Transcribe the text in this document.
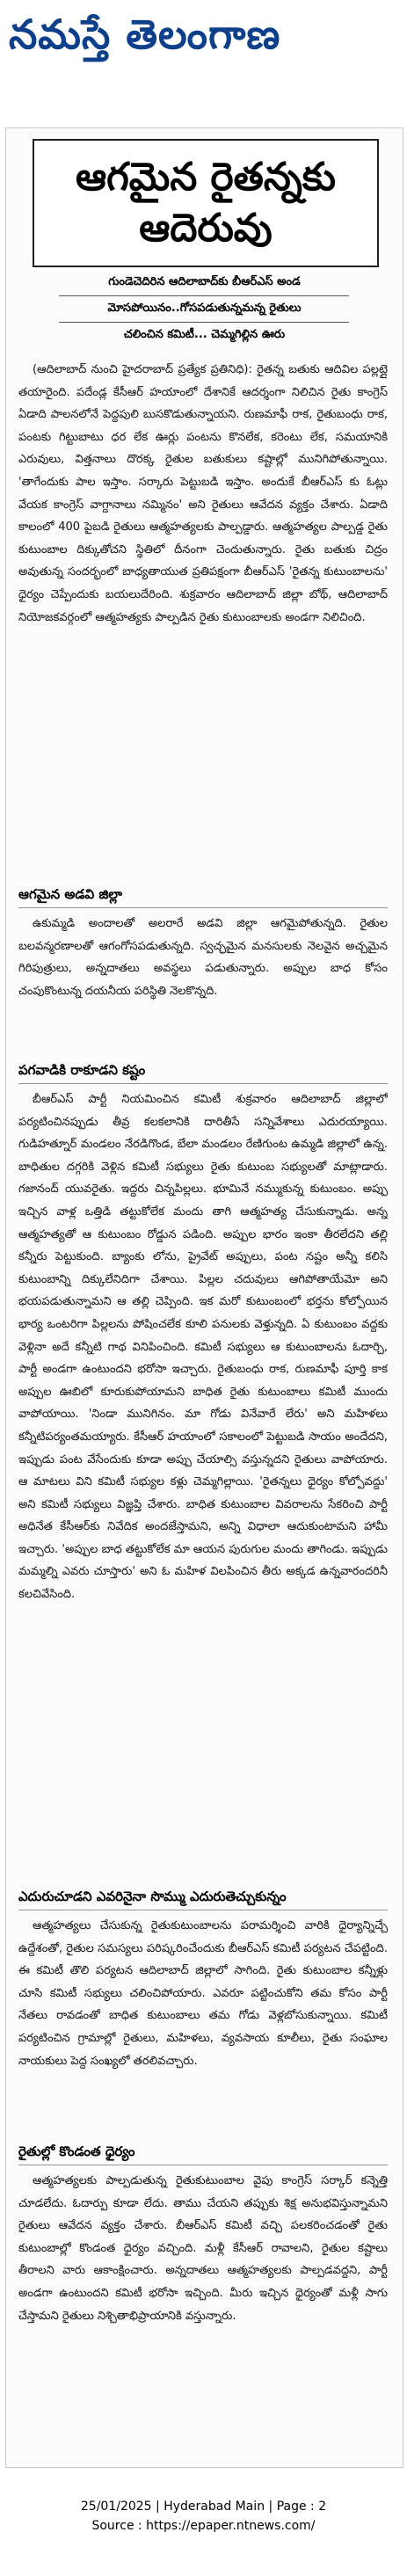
నమస్తే తెలంగాణ
ఆగమైన రైతన్నకు ఆదెరువు
గుండెచెదిరిన ఆదిలాబాద్‌కు బీఆర్‌ఎస్ అండ
మోసపోయినం..గోసపడుతున్నమన్న రైతులు
చలించిన కమిటీ... చెమ్మగిల్లిన ఊరు

(ఆదిలాబాద్ నుంచి హైదరాబాద్ ప్రత్యేక ప్రతినిధి): రైతన్న బతుకు ఆదివిల పల్లట్లై తయారైంది. పదేండ్ల కేసీఆర్ హయాంలో దేశానికే ఆదర్శంగా నిలిచిన రైతు కాంగ్రెస్ ఏడాది పాలనలోనే పెద్దపులి బుసకొడుతున్నాయని. రుణమాఫీ రాక, రైతుబంధు రాక, పంటకు గిట్టుబాటు ధర లేక ఊర్లు పంటను కొనలేక, కరెంటు లేక, సమయానికి ఎరువులు, విత్తనాలు దొరక్క రైతుల బతుకులు కష్టాల్లో మునిగిపోతున్నాయి. 'తాగేందుకు పాల ఇస్తాం. సర్కారు పెట్టుబడి ఇస్తాం. అందుకే బీఆర్‌ఎస్ కు ఓట్లు వేయక కాంగ్రెస్ వాగ్దానాలు నమ్మినం' అని రైతులు ఆవేదన వ్యక్తం చేశారు. ఏడాది కాలంలో 400 పైబడి రైతులు ఆత్మహత్యలకు పాల్పడ్డారు. ఆత్మహత్యల పాల్పడ్డ రైతు కుటుంబాల దిక్కుతోచని స్థితిలో దీనంగా చెందుతున్నారు. రైతు బతుకు చిద్రం అవుతున్న సందర్భంలో బాధ్యతాయుత ప్రతిపక్షంగా బీఆర్‌ఎస్ 'రైతన్న కుటుంబాలను' ధైర్యం చెప్పేందుకు బయలుదేరింది. శుక్రవారం ఆదిలాబాద్ జిల్లా బోథ్, ఆదిలాబాద్ నియోజకవర్గంలో ఆత్మహత్యకు పాల్పడిన రైతు కుటుంబాలకు అండగా నిలిచింది.

ఆగమైన అడవి జిల్లా

ఉకుమ్మడి అందాలతో అలరారే అడవి జిల్లా ఆగమైపోతున్నది. రైతుల బలవన్మరణాలతో ఆగంగోసపడుతున్నది. స్వచ్ఛమైన మనసులకు నెలవైన అచ్చమైన గిరిపుత్రులు, అన్నదాతలు అవస్థలు పడుతున్నారు. అప్పుల బాధ కోసం చంపుకొంటున్న దయనీయ పరిస్థితి నెలకొన్నది.

పగవాడికి రాకూడని కష్టం

బీఆర్‌ఎస్ పార్టీ నియమించిన కమిటీ శుక్రవారం ఆదిలాబాద్ జిల్లాలో పర్యటించినప్పుడు తీవ్ర కలకలానికి దారితీసే సన్నివేశాలు ఎదురయ్యాయి. గుడిహత్నూర్ మండలం నేరడిగొండ, బేలా మండలం రేణిగుంట ఉమ్మడి జిల్లాలో ఉన్న. బాధితుల దగ్గరికి వెళ్లిన కమిటీ సభ్యులు రైతు కుటుంబ సభ్యులతో మాట్లాడారు. గజానంద్ యువరైతు. ఇద్దరు చిన్నపిల్లలు. భూమినే నమ్ముకున్న కుటుంబం. అప్పు ఇచ్చిన వాళ్ల ఒత్తిడి తట్టుకోలేక మందు తాగి ఆత్మహత్య చేసుకున్నాడు. అన్న ఆత్మహత్యతో ఆ కుటుంబం రోడ్డున పడింది. అప్పుల భారం ఇంకా తీరలేదని తల్లి కన్నీరు పెట్టుకుంది. బ్యాంకు లోను, ప్రైవేట్ అప్పులు, పంట నష్టం అన్నీ కలిసి కుటుంబాన్ని దిక్కులేనిదిగా చేశాయి. పిల్లల చదువులు ఆగిపోతాయేమో అని భయపడుతున్నామని ఆ తల్లి చెప్పింది. ఇక మరో కుటుంబంలో భర్తను కోల్పోయిన భార్య ఒంటరిగా పిల్లలను పోషించలేక కూలి పనులకు వెళ్తున్నది. ఏ కుటుంబం వద్దకు వెళ్లినా అదే కన్నీటి గాథ వినిపించింది. కమిటీ సభ్యులు ఆ కుటుంబాలను ఓదార్చి, పార్టీ అండగా ఉంటుందని భరోసా ఇచ్చారు. రైతుబంధు రాక, రుణమాఫీ పూర్తి కాక అప్పుల ఊబిలో కూరుకుపోయామని బాధిత రైతు కుటుంబాలు కమిటీ ముందు వాపోయాయి. 'నిండా మునిగినం. మా గోడు వినేవారే లేరు' అని మహిళలు కన్నీటిపర్యంతమయ్యారు. కేసీఆర్ హయాంలో సకాలంలో పెట్టుబడి సాయం అందేదని, ఇప్పుడు పంట వేసేందుకు కూడా అప్పు చేయాల్సి వస్తున్నదని రైతులు వాపోయారు. ఆ మాటలు విని కమిటీ సభ్యుల కళ్లు చెమ్మగిల్లాయి. 'రైతన్నలు ధైర్యం కోల్పోవద్దు' అని కమిటీ సభ్యులు విజ్ఞప్తి చేశారు. బాధిత కుటుంబాల వివరాలను సేకరించి పార్టీ అధినేత కేసీఆర్‌కు నివేదిక అందజేస్తామని, అన్ని విధాలా ఆదుకుంటామని హామీ ఇచ్చారు. 'అప్పుల బాధ తట్టుకోలేక మా ఆయన పురుగుల మందు తాగిండు. ఇప్పుడు మమ్మల్ని ఎవరు చూస్తారు' అని ఓ మహిళ విలపించిన తీరు అక్కడ ఉన్నవారందరినీ కలచివేసింది.

ఎదురుచూడని ఎవరినైనా సొమ్ము ఎదురుతెచ్చుకున్నం

ఆత్మహత్యలు చేసుకున్న రైతుకుటుంబాలను పరామర్శించి వారికి ధైర్యాన్నిచ్చే ఉద్దేశంతో, రైతుల సమస్యలు పరిష్కరించేందుకు బీఆర్‌ఎస్ కమిటీ పర్యటన చేపట్టింది. ఈ కమిటీ తొలి పర్యటన ఆదిలాబాద్ జిల్లాలో సాగింది. రైతు కుటుంబాల కన్నీళ్లు చూసి కమిటీ సభ్యులు చలించిపోయారు. ఎవరూ పట్టించుకోని తమ కోసం పార్టీ నేతలు రావడంతో బాధిత కుటుంబాలు తమ గోడు వెళ్లబోసుకున్నాయి. కమిటీ పర్యటించిన గ్రామాల్లో రైతులు, మహిళలు, వ్యవసాయ కూలీలు, రైతు సంఘాల నాయకులు పెద్ద సంఖ్యలో తరలివచ్చారు.

రైతుల్లో కొండంత ధైర్యం

ఆత్మహత్యలకు పాల్పడుతున్న రైతుకుటుంబాల వైపు కాంగ్రెస్ సర్కార్ కన్నెత్తి చూడలేదు. ఓదార్పు కూడా లేదు. తాము చేయని తప్పుకు శిక్ష అనుభవిస్తున్నామని రైతులు ఆవేదన వ్యక్తం చేశారు. బీఆర్‌ఎస్ కమిటీ వచ్చి పలకరించడంతో రైతు కుటుంబాల్లో కొండంత ధైర్యం వచ్చింది. మళ్లీ కేసీఆర్ రావాలని, రైతుల కష్టాలు తీరాలని వారు ఆకాంక్షించారు. అన్నదాతలు ఆత్మహత్యలకు పాల్పడవద్దని, పార్టీ అండగా ఉంటుందని కమిటీ భరోసా ఇచ్చింది. మీరు ఇచ్చిన ధైర్యంతో మళ్లీ సాగు చేస్తామని రైతులు నిశ్చితాభిప్రాయానికి వస్తున్నారు.

25/01/2025 | Hyderabad Main | Page : 2
Source : https://epaper.ntnews.com/
